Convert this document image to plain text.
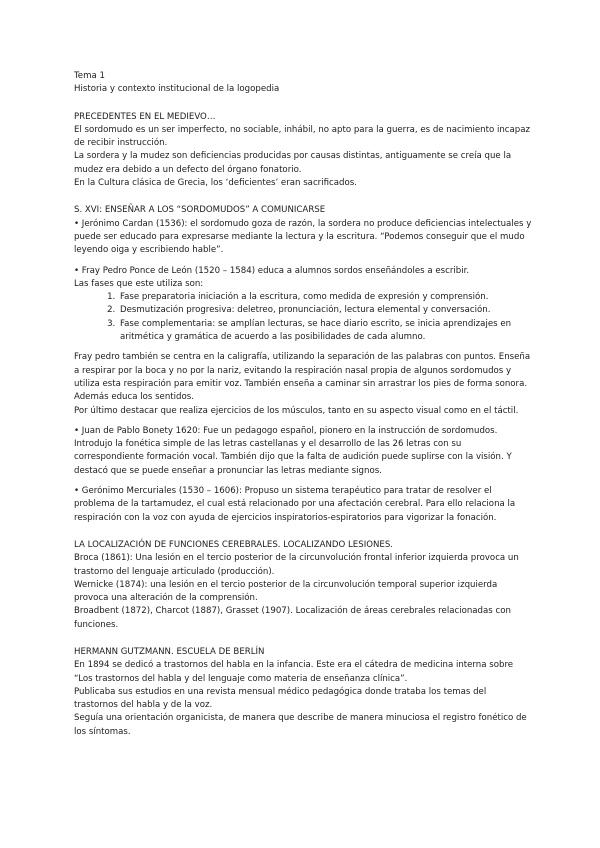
Tema 1

Historia y contexto institucional de la logopedia

PRECEDENTES EN EL MEDIEVO…

El sordomudo es un ser imperfecto, no sociable, inhábil, no apto para la guerra, es de nacimiento incapaz de recibir instrucción.

La sordera y la mudez son deficiencias producidas por causas distintas, antiguamente se creía que la mudez era debido a un defecto del órgano fonatorio.

En la Cultura clásica de Grecia, los ‘deficientes’ eran sacrificados.

S. XVI: ENSEÑAR A LOS “SORDOMUDOS” A COMUNICARSE

• Jerónimo Cardan (1536): el sordomudo goza de razón, la sordera no produce deficiencias intelectuales y puede ser educado para expresarse mediante la lectura y la escritura. “Podemos conseguir que el mudo leyendo oiga y escribiendo hable”.

• Fray Pedro Ponce de León (1520 – 1584) educa a alumnos sordos enseñándoles a escribir.

Las fases que este utiliza son:

1. Fase preparatoria iniciación a la escritura, como medida de expresión y comprensión.
2. Desmutización progresiva: deletreo, pronunciación, lectura elemental y conversación.
3. Fase complementaria: se amplían lecturas, se hace diario escrito, se inicia aprendizajes en aritmética y gramática de acuerdo a las posibilidades de cada alumno.

Fray pedro también se centra en la caligrafía, utilizando la separación de las palabras con puntos. Enseña a respirar por la boca y no por la nariz, evitando la respiración nasal propia de algunos sordomudos y utiliza esta respiración para emitir voz. También enseña a caminar sin arrastrar los pies de forma sonora. Además educa los sentidos.

Por último destacar que realiza ejercicios de los músculos, tanto en su aspecto visual como en el táctil.

• Juan de Pablo Bonety 1620: Fue un pedagogo español, pionero en la instrucción de sordomudos. Introdujo la fonética simple de las letras castellanas y el desarrollo de las 26 letras con su correspondiente formación vocal. También dijo que la falta de audición puede suplirse con la visión. Y destacó que se puede enseñar a pronunciar las letras mediante signos.

• Gerónimo Mercuriales (1530 – 1606): Propuso un sistema terapéutico para tratar de resolver el problema de la tartamudez, el cual está relacionado por una afectación cerebral. Para ello relaciona la respiración con la voz con ayuda de ejercicios inspiratorios-espiratorios para vigorizar la fonación.

LA LOCALIZACIÓN DE FUNCIONES CEREBRALES. LOCALIZANDO LESIONES.

Broca (1861): Una lesión en el tercio posterior de la circunvolución frontal inferior izquierda provoca un trastorno del lenguaje articulado (producción).

Wernicke (1874): una lesión en el tercio posterior de la circunvolución temporal superior izquierda provoca una alteración de la comprensión.

Broadbent (1872), Charcot (1887), Grasset (1907). Localización de áreas cerebrales relacionadas con funciones.

HERMANN GUTZMANN. ESCUELA DE BERLÍN

En 1894 se dedicó a trastornos del habla en la infancia. Este era el cátedra de medicina interna sobre “Los trastornos del habla y del lenguaje como materia de enseñanza clínica”.

Publicaba sus estudios en una revista mensual médico pedagógica donde trataba los temas del trastornos del habla y de la voz.

Seguía una orientación organicista, de manera que describe de manera minuciosa el registro fonético de los síntomas.
